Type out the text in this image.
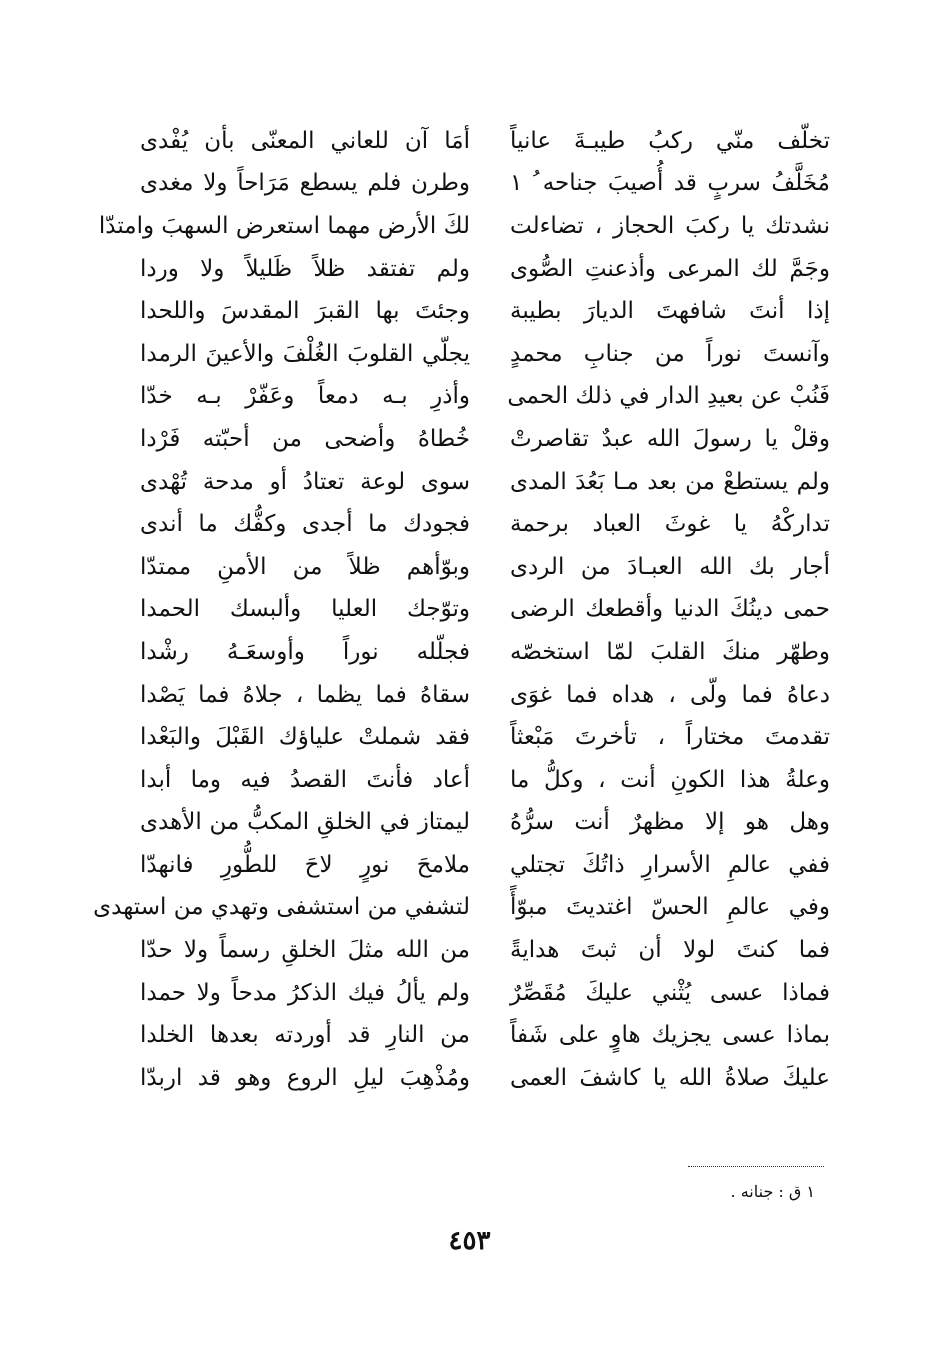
تخلّف منّي ركبُ طيبـةَ عانياً
أمَا آن للعاني المعنّى بأن يُفْدى
مُخَلَّفُ سربٍ قد أُصيبَ جناحه ُ ١
وطرن فلم يسطع مَرَاحاً ولا مغدى
نشدتك يا ركبَ الحجاز ، تضاءلت
لكَ الأرض مهما استعرض السهبَ وامتدّا
وجَمَّ لك المرعى وأذعنتِ الصُّوى
ولم تفتقد ظلاً ظَليلاً ولا وردا
إذا أنتَ شافهتَ الديارَ بطيبة
وجئتَ بها القبرَ المقدسَ واللحدا
وآنستَ نوراً من جنابِ محمدٍ
يجلّي القلوبَ الغُلْفَ والأعينَ الرمدا
فَنُبْ عن بعيدِ الدار في ذلك الحمى
وأذرِ بـه دمعاً وعَفّرْ بـه خدّا
وقلْ يا رسولَ الله عبدٌ تقاصرتْ
خُطاهُ وأضحى من أحبّته فَرْدا
ولم يستطعْ من بعد مـا بَعُدَ المدى
سوى لوعة تعتادُ أو مدحة تُهْدى
تداركْهُ يا غوثَ العباد برحمة
فجودك ما أجدى وكفُّك ما أندى
أجار بك الله العبـادَ من الردى
وبوّأهم ظلاً من الأمنِ ممتدّا
حمى دينُكَ الدنيا وأقطعك الرضى
وتوّجك العليا وألبسك الحمدا
وطهّر منكَ القلبَ لمّا استخصّه
فجلّله نوراً وأوسعَـهُ رشْدا
دعاهُ فما ولّى ، هداه فما غوَى
سقاهُ فما يظما ، جلاهُ فما يَصْدا
تقدمتَ مختاراً ، تأخرتَ مَبْعثاً
فقد شملتْ علياؤك القَبْلَ والبَعْدا
وعلةُ هذا الكونِ أنت ، وكلُّ ما
أعاد فأنتَ القصدُ فيه وما أبدا
وهل هو إلا مظهرٌ أنت سرُّهُ
ليمتاز في الخلقِ المكبُّ من الأهدى
ففي عالمِ الأسرارِ ذاتُكَ تجتلي
ملامحَ نورٍ لاحَ للطُّورِ فانهدّا
وفي عالمِ الحسّ اغتديتَ مبوّأً
لتشفي من استشفى وتهدي من استهدى
فما كنتَ لولا أن ثبتَ هدايةً
من الله مثلَ الخلقِ رسماً ولا حدّا
فماذا عسى يُثْني عليكَ مُقَصِّرٌ
ولم يألُ فيك الذكرُ مدحاً ولا حمدا
بماذا عسى يجزيك هاوٍ على شَفاً
من النارِ قد أوردته بعدها الخلدا
عليكَ صلاةُ الله يا كاشفَ العمى
ومُذْهِبَ ليلِ الروع وهو قد اربدّا
١ ق : جنانه .
٤٥٣
